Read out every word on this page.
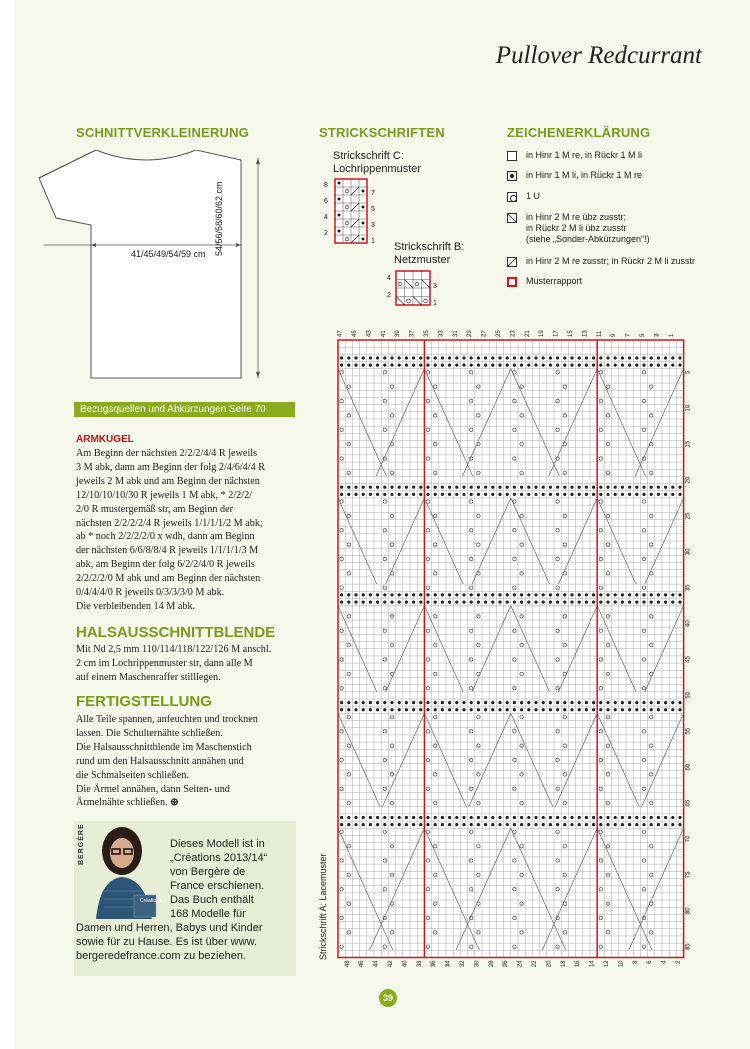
Pullover Redcurrant
SCHNITTVERKLEINERUNG	STRICKSCHRIFTEN	ZEICHENERKLÄRUNG
41/45/49/54/59 cm 54/56/58/60/62 cm
Strickschrift C:
Lochrippenmuster
8
6
4
2
7
5
3
1 Strickschrift B:
Netzmuster
4
2
3
1
in Hinr 1 M re, in Rückr 1 M li
in Hinr 1 M li, in Rückr 1 M re
1 U
in Hinr 2 M re übz zusstr;
in Rückr 2 M li übz zusstr
(siehe „Sonder-Abkürzungen“!)
in Hinr 2 M re zusstr; in Rückr 2 M li zusstr
Musterrapport
Bezugsquellen und Abkürzungen Seite 70
ARMKUGEL
Am Beginn der nächsten 2/2/2/4/4 R jeweils
3 M abk, dann am Beginn der folg 2/4/6/4/4 R
jeweils 2 M abk und am Beginn der nächsten
12/10/10/10/30 R jeweils 1 M abk, * 2/2/2/
2/0 R mustergemäß str, am Beginn der
nächsten 2/2/2/2/4 R jeweils 1/1/1/1/2 M abk;
ab * noch 2/2/2/2/0 x wdh, dann am Beginn
der nächsten 6/6/8/8/4 R jeweils 1/1/1/1/3 M
abk, am Beginn der folg 6/2/2/4/0 R jeweils
2/2/2/2/0 M abk und am Beginn der nächsten
0/4/4/4/0 R jeweils 0/3/3/3/0 M abk.
Die verbleibenden 14 M abk.
HALSAUSSCHNITTBLENDE
Mit Nd 2,5 mm 110/114/118/122/126 M anschl.
2 cm im Lochrippenmuster str, dann alle M
auf einem Maschenraffer stilllegen.
FERTIGSTELLUNG
Alle Teile spannen, anfeuchten und trocknen
lassen. Die Schulternähte schließen.
Die Halsausschnittblende im Maschenstich
rund um den Halsausschnitt annähen und
die Schmalseiten schließen.
Die Ärmel annähen, dann Seiten- und
Ärmelnähte schließen. ⊕
BERGÈRE
Créations
Dieses Modell ist in
„Créations 2013/14“
von Bergère de
France erschienen.
Das Buch enthält
168 Modelle für
Damen und Herren, Babys und Kinder
sowie für zu Hause. Es ist über www.
bergeredefrance.com zu beziehen.
47 45 43 41 39 37 35 33 31 29 27 25 23 21 19 17 15 13 11 9 7 5 3 1
48 46 44 42 40 38 36 34 32 30 28 26 24 22 20 18 16 14 12 10 8 6 4 2
5
10
15
20
25
30
35
40
45
50
55
60
65
70
75
80
85
Strickschrift A: Lacemuster
39
